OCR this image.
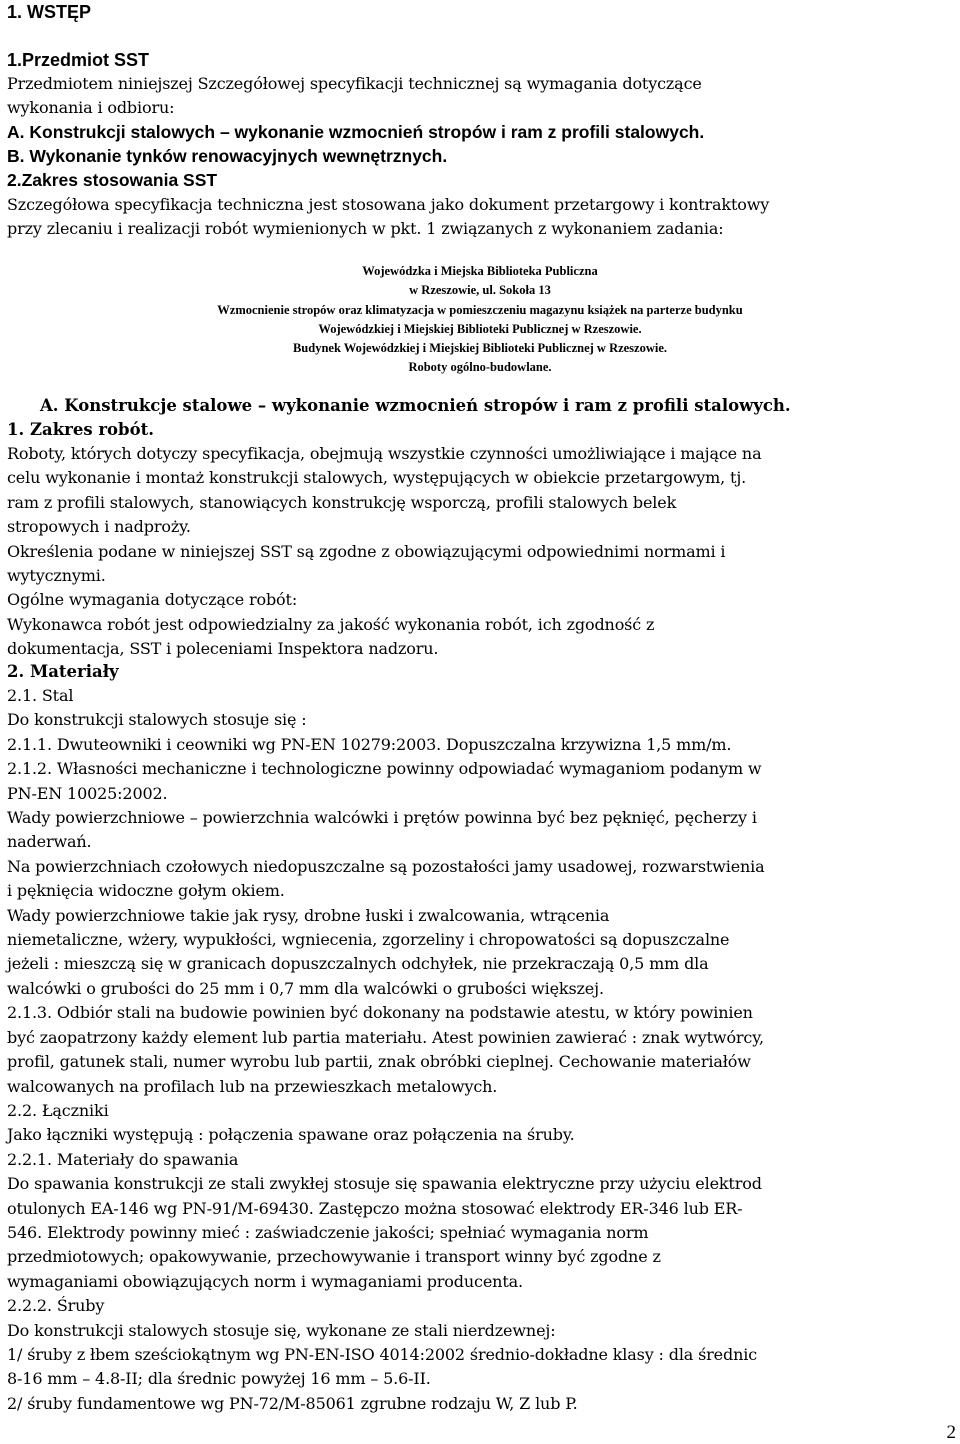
1. WSTĘP
1.Przedmiot SST
Przedmiotem niniejszej Szczegółowej specyfikacji technicznej są wymagania dotyczące
wykonania i odbioru:
A. Konstrukcji stalowych – wykonanie wzmocnień stropów i ram z profili stalowych.
B. Wykonanie tynków renowacyjnych wewnętrznych.
2.Zakres stosowania SST
Szczegółowa specyfikacja techniczna jest stosowana jako dokument przetargowy i kontraktowy
przy zlecaniu i realizacji robót wymienionych w pkt. 1 związanych z wykonaniem zadania:
Wojewódzka i Miejska Biblioteka Publiczna
w Rzeszowie, ul. Sokoła 13
Wzmocnienie stropów oraz klimatyzacja w pomieszczeniu magazynu książek na parterze budynku
Wojewódzkiej i Miejskiej Biblioteki Publicznej w Rzeszowie.
Budynek Wojewódzkiej i Miejskiej Biblioteki Publicznej w Rzeszowie.
Roboty ogólno-budowlane.
A. Konstrukcje stalowe – wykonanie wzmocnień stropów i ram z profili stalowych.
1. Zakres robót.
Roboty, których dotyczy specyfikacja, obejmują wszystkie czynności umożliwiające i mające na
celu wykonanie i montaż konstrukcji stalowych, występujących w obiekcie przetargowym, tj.
ram z profili stalowych, stanowiących konstrukcję wsporczą, profili stalowych belek
stropowych i nadproży.
Określenia podane w niniejszej SST są zgodne z obowiązującymi odpowiednimi normami i
wytycznymi.
Ogólne wymagania dotyczące robót:
Wykonawca robót jest odpowiedzialny za jakość wykonania robót, ich zgodność z
dokumentacja, SST i poleceniami Inspektora nadzoru.
2. Materiały
2.1. Stal
Do konstrukcji stalowych stosuje się :
2.1.1. Dwuteowniki i ceowniki wg PN-EN 10279:2003. Dopuszczalna krzywizna 1,5 mm/m.
2.1.2. Własności mechaniczne i technologiczne powinny odpowiadać wymaganiom podanym w
PN-EN 10025:2002.
Wady powierzchniowe – powierzchnia walcówki i prętów powinna być bez pęknięć, pęcherzy i
naderwań.
Na powierzchniach czołowych niedopuszczalne są pozostałości jamy usadowej, rozwarstwienia
i pęknięcia widoczne gołym okiem.
Wady powierzchniowe takie jak rysy, drobne łuski i zwalcowania, wtrącenia
niemetaliczne, wżery, wypukłości, wgniecenia, zgorzeliny i chropowatości są dopuszczalne
jeżeli : mieszczą się w granicach dopuszczalnych odchyłek, nie przekraczają 0,5 mm dla
walcówki o grubości do 25 mm i 0,7 mm dla walcówki o grubości większej.
2.1.3. Odbiór stali na budowie powinien być dokonany na podstawie atestu, w który powinien
być zaopatrzony każdy element lub partia materiału. Atest powinien zawierać : znak wytwórcy,
profil, gatunek stali, numer wyrobu lub partii, znak obróbki cieplnej. Cechowanie materiałów
walcowanych na profilach lub na przewieszkach metalowych.
2.2. Łączniki
Jako łączniki występują : połączenia spawane oraz połączenia na śruby.
2.2.1. Materiały do spawania
Do spawania konstrukcji ze stali zwykłej stosuje się spawania elektryczne przy użyciu elektrod
otulonych EA-146 wg PN-91/M-69430. Zastępczo można stosować elektrody ER-346 lub ER-
546. Elektrody powinny mieć : zaświadczenie jakości; spełniać wymagania norm
przedmiotowych; opakowywanie, przechowywanie i transport winny być zgodne z
wymaganiami obowiązujących norm i wymaganiami producenta.
2.2.2. Śruby
Do konstrukcji stalowych stosuje się, wykonane ze stali nierdzewnej:
1/ śruby z łbem sześciokątnym wg PN-EN-ISO 4014:2002 średnio-dokładne klasy : dla średnic
8-16 mm – 4.8-II; dla średnic powyżej 16 mm – 5.6-II.
2/ śruby fundamentowe wg PN-72/M-85061 zgrubne rodzaju W, Z lub P.
2
